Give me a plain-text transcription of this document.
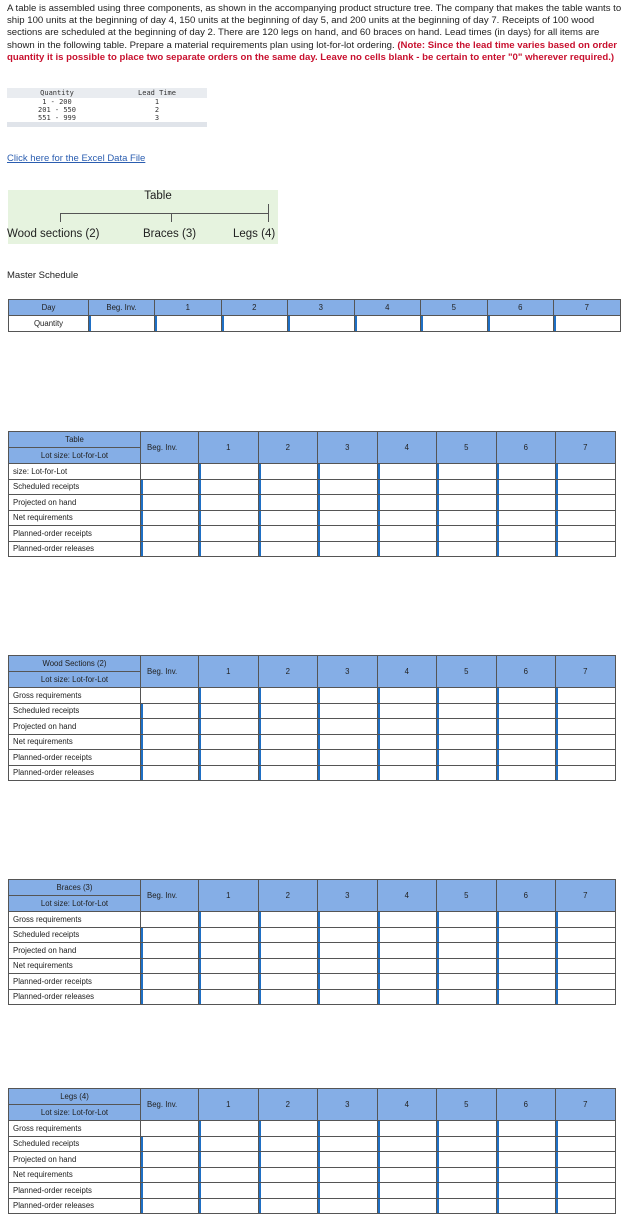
A table is assembled using three components, as shown in the accompanying product structure tree. The company that makes the table wants to ship 100 units at the beginning of day 4, 150 units at the beginning of day 5, and 200 units at the beginning of day 7. Receipts of 100 wood sections are scheduled at the beginning of day 2. There are 120 legs on hand, and 60 braces on hand. Lead times (in days) for all items are shown in the following table. Prepare a material requirements plan using lot-for-lot ordering. (Note: Since the lead time varies based on order quantity it is possible to place two separate orders on the same day. Leave no cells blank - be certain to enter "0" wherever required.)
Quantity	Lead Time
1 - 200	1
201 - 550	2
551 - 999	3

Click here for the Excel Data File
Table
Wood sections (2)	Braces (3)	Legs (4)
Master Schedule
Day	Beg. Inv.	1	2	3	4	5	6	7
Quantity								
Table	Beg. Inv.	1	2	3	4	5	6	7
Lot size: Lot-for-Lot								
size: Lot-for-Lot								
Scheduled receipts								
Projected on hand								
Net requirements								
Planned-order receipts								
Planned-order releases								
Wood Sections (2)	Beg. Inv.	1	2	3	4	5	6	7
Lot size: Lot-for-Lot								
Gross requirements								
Scheduled receipts								
Projected on hand								
Net requirements								
Planned-order receipts								
Planned-order releases								
Braces (3)	Beg. Inv.	1	2	3	4	5	6	7
Lot size: Lot-for-Lot								
Gross requirements								
Scheduled receipts								
Projected on hand								
Net requirements								
Planned-order receipts								
Planned-order releases								
Legs (4)	Beg. Inv.	1	2	3	4	5	6	7
Lot size: Lot-for-Lot								
Gross requirements								
Scheduled receipts								
Projected on hand								
Net requirements								
Planned-order receipts								
Planned-order releases								
